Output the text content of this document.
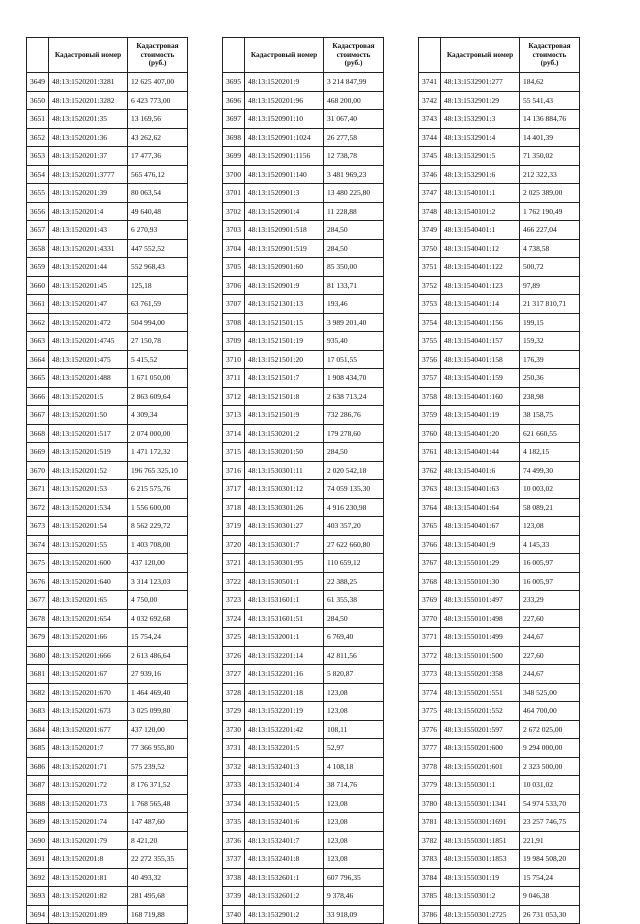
	Кадастровый номер	Кадастровая стоимость (руб.)
3649	48:13:1520201:3281	12 625 407,00
3650	48:13:1520201:3282	6 423 773,00
3651	48:13:1520201:35	13 169,56
3652	48:13:1520201:36	43 262,62
3653	48:13:1520201:37	17 477,36
3654	48:13:1520201:3777	565 476,12
3655	48:13:1520201:39	80 063,54
3656	48:13:1520201:4	49 640,48
3657	48:13:1520201:43	6 270,93
3658	48:13:1520201:4331	447 552,52
3659	48:13:1520201:44	552 968,43
3660	48:13:1520201:45	125,18
3661	48:13:1520201:47	63 761,59
3662	48:13:1520201:472	504 994,00
3663	48:13:1520201:4745	27 150,78
3664	48:13:1520201:475	5 415,52
3665	48:13:1520201:488	1 671 050,00
3666	48:13:1520201:5	2 863 609,64
3667	48:13:1520201:50	4 309,34
3668	48:13:1520201:517	2 074 000,00
3669	48:13:1520201:519	1 471 172,32
3670	48:13:1520201:52	196 765 325,10
3671	48:13:1520201:53	6 215 575,76
3672	48:13:1520201:534	1 556 600,00
3673	48:13:1520201:54	8 562 229,72
3674	48:13:1520201:55	1 403 708,00
3675	48:13:1520201:600	437 120,00
3676	48:13:1520201:640	3 314 123,03
3677	48:13:1520201:65	4 750,00
3678	48:13:1520201:654	4 032 692,68
3679	48:13:1520201:66	15 754,24
3680	48:13:1520201:666	2 613 486,64
3681	48:13:1520201:67	27 939,16
3682	48:13:1520201:670	1 464 469,40
3683	48:13:1520201:673	3 025 099,80
3684	48:13:1520201:677	437 120,00
3685	48:13:1520201:7	77 366 955,80
3686	48:13:1520201:71	575 239,52
3687	48:13:1520201:72	8 176 371,52
3688	48:13:1520201:73	1 768 565,48
3689	48:13:1520201:74	147 487,60
3690	48:13:1520201:79	8 421,20
3691	48:13:1520201:8	22 272 355,35
3692	48:13:1520201:81	40 493,32
3693	48:13:1520201:82	281 495,68
3694	48:13:1520201:89	168 719,88
	Кадастровый номер	Кадастровая стоимость (руб.)
3695	48:13:1520201:9	3 214 847,99
3696	48:13:1520201:96	468 200,00
3697	48:13:1520901:10	31 067,40
3698	48:13:1520901:1024	26 277,58
3699	48:13:1520901:1156	12 738,78
3700	48:13:1520901:140	3 481 969,23
3701	48:13:1520901:3	13 480 225,80
3702	48:13:1520901:4	11 228,88
3703	48:13:1520901:518	284,50
3704	48:13:1520901:519	284,50
3705	48:13:1520901:60	85 350,00
3706	48:13:1520901:9	81 133,71
3707	48:13:1521301:13	193,46
3708	48:13:1521501:15	3 989 201,40
3709	48:13:1521501:19	935,40
3710	48:13:1521501:20	17 051,55
3711	48:13:1521501:7	1 908 434,70
3712	48:13:1521501:8	2 638 713,24
3713	48:13:1521501:9	732 286,76
3714	48:13:1530201:2	179 278,60
3715	48:13:1530201:50	284,50
3716	48:13:1530301:11	2 020 542,18
3717	48:13:1530301:12	74 059 135,30
3718	48:13:1530301:26	4 916 230,98
3719	48:13:1530301:27	403 357,20
3720	48:13:1530301:7	27 622 660,80
3721	48:13:1530301:95	110 659,12
3722	48:13:1530501:1	22 388,25
3723	48:13:1531601:1	61 355,38
3724	48:13:1531601:51	284,50
3725	48:13:1532001:1	6 769,40
3726	48:13:1532201:14	42 811,56
3727	48:13:1532201:16	5 820,87
3728	48:13:1532201:18	123,08
3729	48:13:1532201:19	123,08
3730	48:13:1532201:42	108,11
3731	48:13:1532201:5	52,97
3732	48:13:1532401:3	4 108,18
3733	48:13:1532401:4	38 714,76
3734	48:13:1532401:5	123,08
3735	48:13:1532401:6	123,08
3736	48:13:1532401:7	123,08
3737	48:13:1532401:8	123,08
3738	48:13:1532601:1	607 796,35
3739	48:13:1532601:2	9 378,46
3740	48:13:1532901:2	33 918,09
	Кадастровый номер	Кадастровая стоимость (руб.)
3741	48:13:1532901:277	184,62
3742	48:13:1532901:29	55 541,43
3743	48:13:1532901:3	14 136 884,76
3744	48:13:1532901:4	14 401,39
3745	48:13:1532901:5	71 350,02
3746	48:13:1532901:6	212 322,33
3747	48:13:1540101:1	2 025 389,00
3748	48:13:1540101:2	1 762 190,49
3749	48:13:1540401:1	466 227,04
3750	48:13:1540401:12	4 738,58
3751	48:13:1540401:122	500,72
3752	48:13:1540401:123	97,89
3753	48:13:1540401:14	21 317 810,71
3754	48:13:1540401:156	199,15
3755	48:13:1540401:157	159,32
3756	48:13:1540401:158	176,39
3757	48:13:1540401:159	250,36
3758	48:13:1540401:160	238,98
3759	48:13:1540401:19	38 158,75
3760	48:13:1540401:20	621 660,55
3761	48:13:1540401:44	4 182,15
3762	48:13:1540401:6	74 499,30
3763	48:13:1540401:63	10 003,02
3764	48:13:1540401:64	58 089,21
3765	48:13:1540401:67	123,08
3766	48:13:1540401:9	4 145,33
3767	48:13:1550101:29	16 005,97
3768	48:13:1550101:30	16 005,97
3769	48:13:1550101:497	233,29
3770	48:13:1550101:498	227,60
3771	48:13:1550101:499	244,67
3772	48:13:1550101:500	227,60
3773	48:13:1550201:358	244,67
3774	48:13:1550201:551	348 525,00
3775	48:13:1550201:552	464 700,00
3776	48:13:1550201:597	2 672 025,00
3777	48:13:1550201:600	9 294 000,00
3778	48:13:1550201:601	2 323 500,00
3779	48:13:1550301:1	10 031,02
3780	48:13:1550301:1341	54 974 533,70
3781	48:13:1550301:1691	23 257 746,75
3782	48:13:1550301:1851	221,91
3783	48:13:1550301:1853	19 984 508,20
3784	48:13:1550301:19	15 754,24
3785	48:13:1550301:2	9 046,38
3786	48:13:1550301:2725	26 731 053,30
